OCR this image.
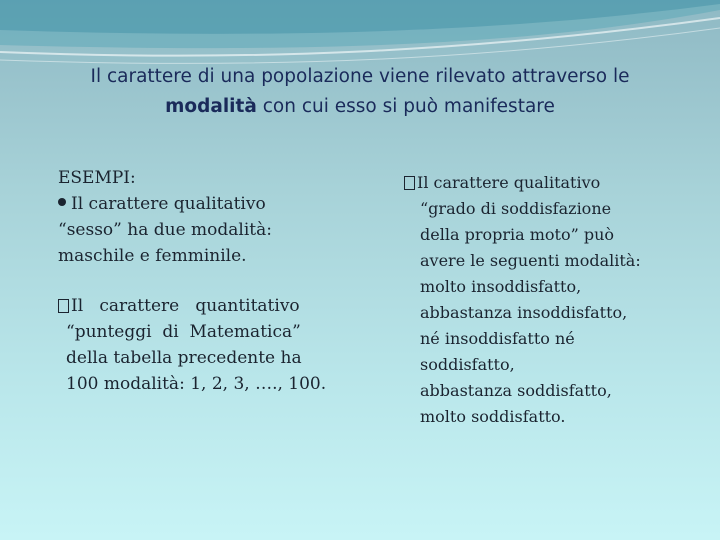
Il carattere di una popolazione viene rilevato attraverso le
modalità con cui esso si può manifestare

ESEMPI:

Il carattere qualitativo
“sesso” ha due modalità:
maschile e femminile.
Il   carattere   quantitativo
“punteggi  di  Matematica”
della tabella precedente ha
100 modalità: 1, 2, 3, …., 100.
Il carattere qualitativo
“grado di soddisfazione
della propria moto” può
avere le seguenti modalità:
molto insoddisfatto,
abbastanza insoddisfatto,
né insoddisfatto né
soddisfatto,
abbastanza soddisfatto,
molto soddisfatto.
